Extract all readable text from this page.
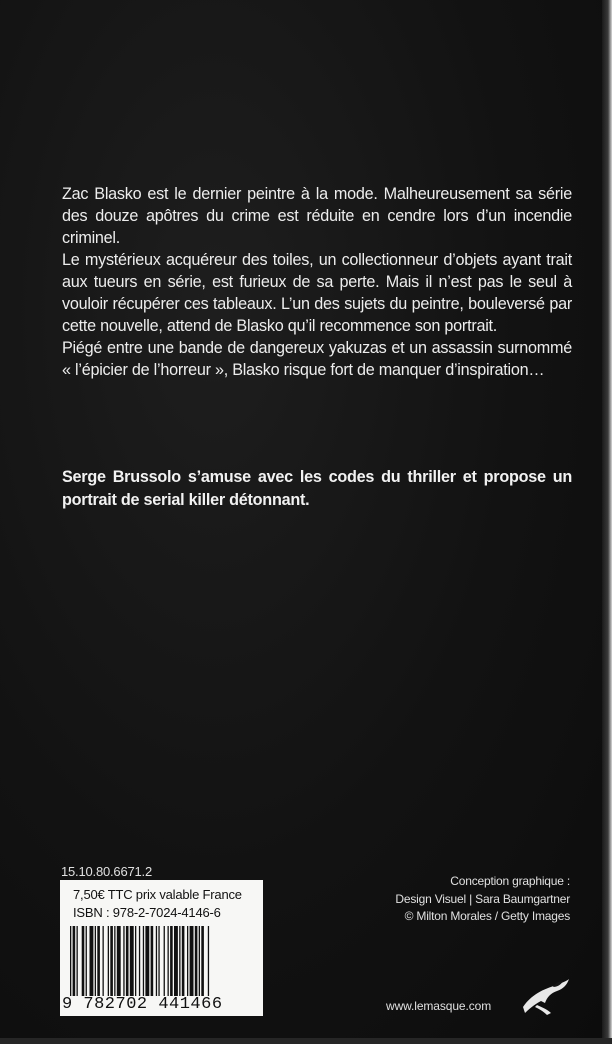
Zac Blasko est le dernier peintre à la mode. Malheureusement sa série des douze apôtres du crime est réduite en cendre lors d’un incendie criminel.

Le mystérieux acquéreur des toiles, un collectionneur d’objets ayant trait aux tueurs en série, est furieux de sa perte. Mais il n’est pas le seul à vouloir récupérer ces tableaux. L’un des sujets du peintre, bouleversé par cette nouvelle, attend de Blasko qu’il recommence son portrait.

Piégé entre une bande de dangereux yakuzas et un assassin surnommé « l’épicier de l’horreur », Blasko risque fort de manquer d’inspiration…

Serge Brussolo s’amuse avec les codes du thriller et propose un portrait de serial killer détonnant.
15.10.80.6671.2
7,50€ TTC prix valable France
ISBN : 978-2-7024-4146-6
9 782702 441466
Conception graphique :
Design Visuel | Sara Baumgartner
© Milton Morales / Getty Images
www.lemasque.com
